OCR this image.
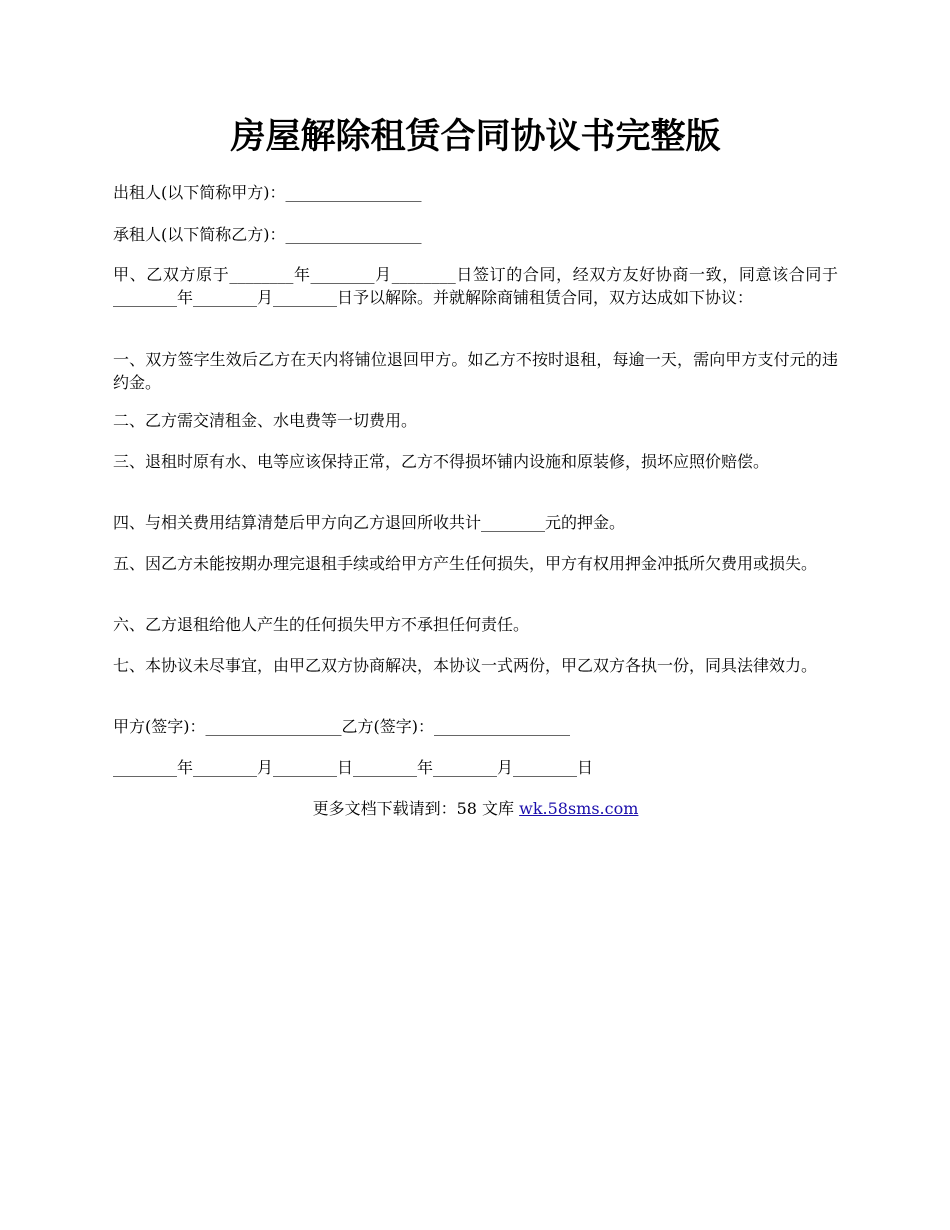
房屋解除租赁合同协议书完整版

出租人(以下简称甲方)：_________________

承租人(以下简称乙方)：_________________

甲、乙双方原于________年________月________日签订的合同，经双方友好协商一致，同意该合同于________年________月________日予以解除。并就解除商铺租赁合同，双方达成如下协议：

一、双方签字生效后乙方在天内将铺位退回甲方。如乙方不按时退租，每逾一天，需向甲方支付元的违约金。

二、乙方需交清租金、水电费等一切费用。

三、退租时原有水、电等应该保持正常，乙方不得损坏铺内设施和原装修，损坏应照价赔偿。

四、与相关费用结算清楚后甲方向乙方退回所收共计________元的押金。

五、因乙方未能按期办理完退租手续或给甲方产生任何损失，甲方有权用押金冲抵所欠费用或损失。

六、乙方退租给他人产生的任何损失甲方不承担任何责任。

七、本协议未尽事宜，由甲乙双方协商解决，本协议一式两份，甲乙双方各执一份，同具法律效力。

甲方(签字)：_________________乙方(签字)：_________________

________年________月________日________年________月________日

更多文档下载请到：58 文库 wk.58sms.com
